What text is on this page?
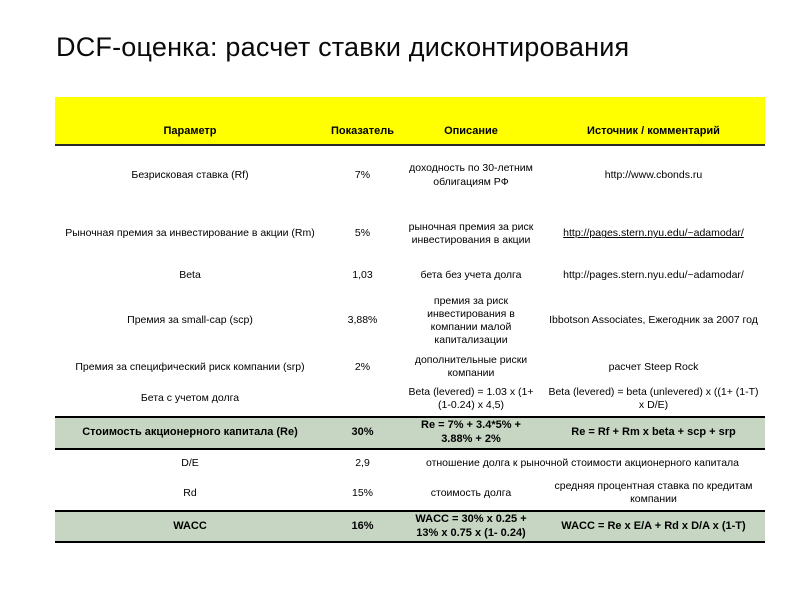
DCF-оценка: расчет ставки дисконтирования
Параметр	Показатель	Описание	Источник / комментарий
Безрисковая ставка (Rf)	7%	доходность по 30-летним облигациям РФ	http://www.cbonds.ru
Рыночная премия за инвестирование в акции (Rm)	5%	рыночная премия за риск инвестирования в акции	http://pages.stern.nyu.edu/~adamodar/
Beta	1,03	бета без учета долга	http://pages.stern.nyu.edu/~adamodar/
Премия за small-cap (scp)	3,88%	премия за риск инвестирования в компании малой капитализации	Ibbotson Associates, Ежегодник за 2007 год
Премия за специфический риск компании (srp)	2%	дополнительные риски компании	расчет Steep Rock
Бета с учетом долга		Beta (levered) = 1.03 x (1+ (1-0.24) x 4,5)	Beta (levered) = beta (unlevered) x ((1+ (1-T) x D/E)
Стоимость акционерного капитала (Re)	30%	Re = 7% + 3.4*5% + 3.88% + 2%	Re = Rf + Rm x beta + scp + srp
D/E	2,9	отношение долга к рыночной стоимости акционерного капитала	
Rd	15%	стоимость долга	средняя процентная ставка по кредитам компании
WACC	16%	WACC = 30% x 0.25 + 13% x 0.75 x (1- 0.24)	WACC = Re x E/A + Rd x D/A x (1-T)
